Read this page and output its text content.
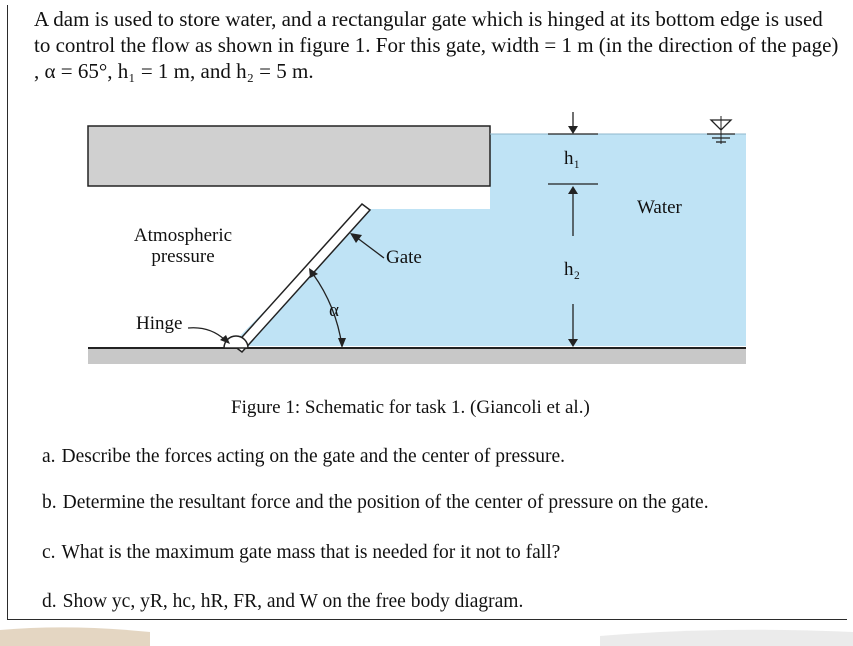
A dam is used to store water, and a rectangular gate which is hinged at its bottom edge is used
to control the flow as shown in figure 1. For this gate, width = 1 m (in the direction of the page)
, α = 65°, h₁ = 1 m, and h₂ = 5 m.

Atmospheric
pressure	Gate
Hinge
α
h₁
h₂
Water
Figure 1: Schematic for task 1. (Giancoli et al.)
a. Describe the forces acting on the gate and the center of pressure.
b. Determine the resultant force and the position of the center of pressure on the gate.
c. What is the maximum gate mass that is needed for it not to fall?
d. Show yc, yR, hc, hR, FR, and W on the free body diagram.
